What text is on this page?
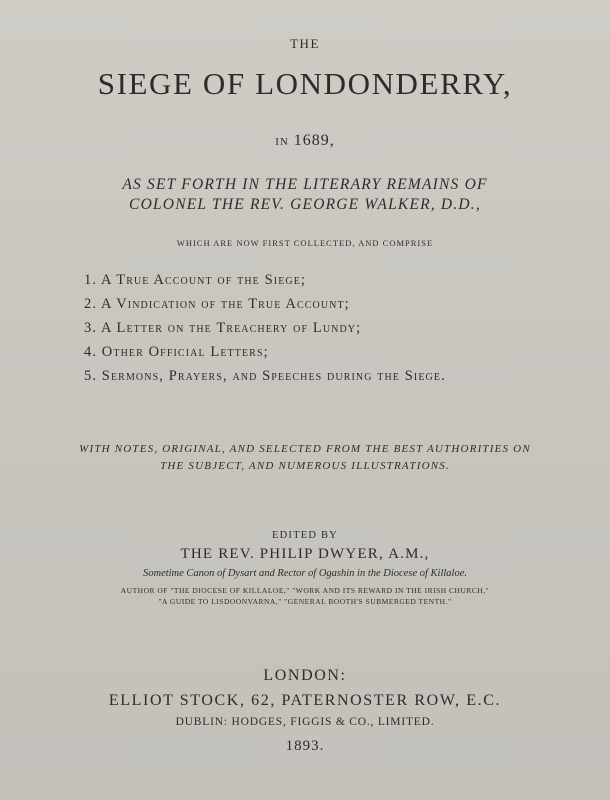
THE
SIEGE OF LONDONDERRY,
in 1689,
AS SET FORTH IN THE LITERARY REMAINS OF
COLONEL THE REV. GEORGE WALKER, D.D.,
WHICH ARE NOW FIRST COLLECTED, AND COMPRISE
1. A True Account of the Siege;
2. A Vindication of the True Account;
3. A Letter on the Treachery of Lundy;
4. Other Official Letters;
5. Sermons, Prayers, and Speeches during the Siege.
WITH NOTES, ORIGINAL, AND SELECTED FROM THE BEST AUTHORITIES ON
THE SUBJECT, AND NUMEROUS ILLUSTRATIONS.
EDITED BY
THE REV. PHILIP DWYER, A.M.,
Sometime Canon of Dysart and Rector of Ogashin in the Diocese of Killaloe.
AUTHOR OF "THE DIOCESE OF KILLALOE," "WORK AND ITS REWARD IN THE IRISH CHURCH,"
"A GUIDE TO LISDOONVARNA," "GENERAL BOOTH'S SUBMERGED TENTH."
LONDON:
ELLIOT STOCK, 62, PATERNOSTER ROW, E.C.
DUBLIN: HODGES, FIGGIS & CO., LIMITED.
1893.
